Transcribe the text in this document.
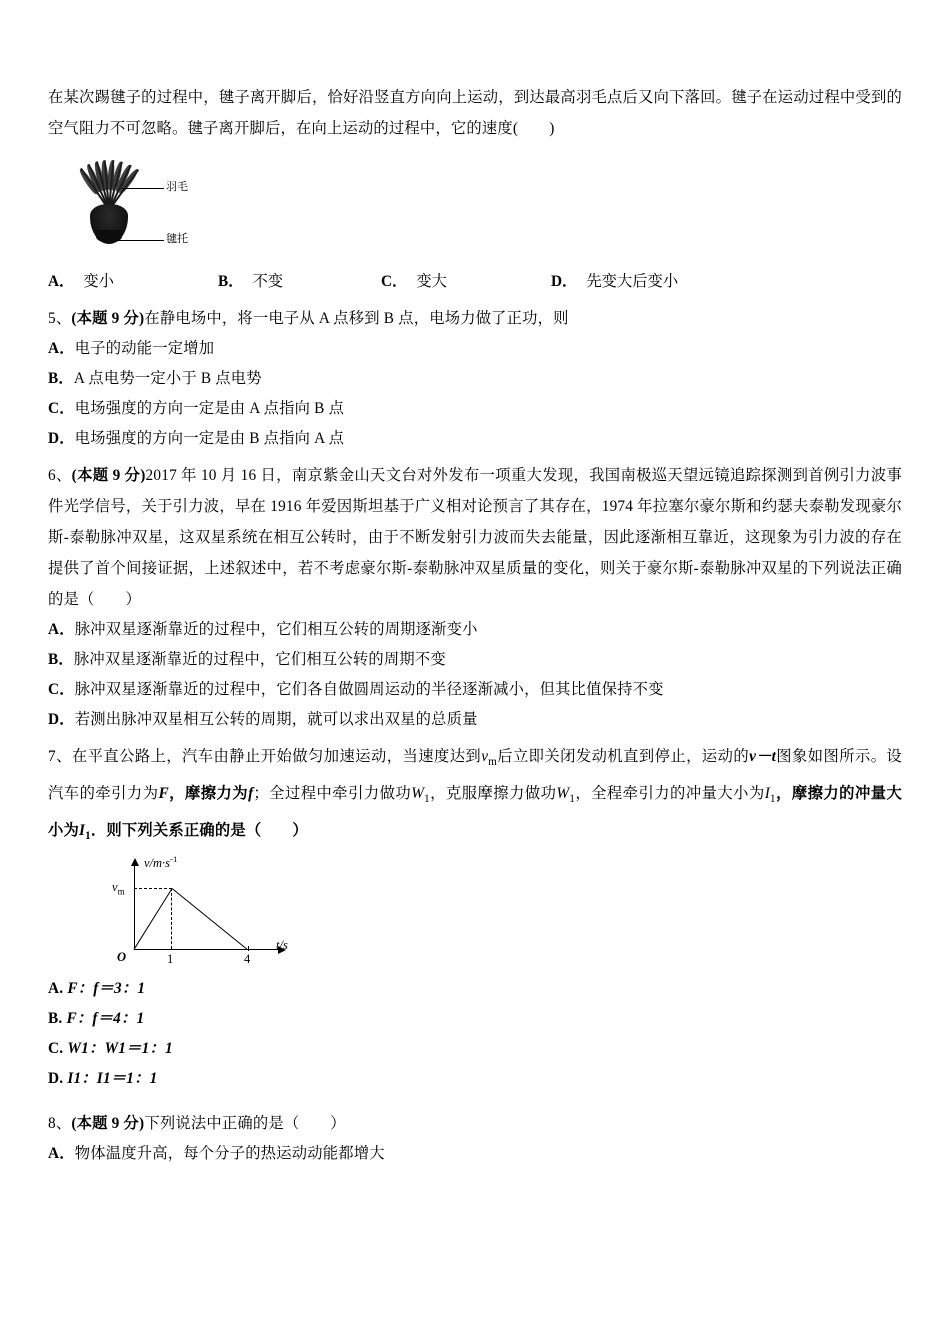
在某次踢毽子的过程中，毽子离开脚后，恰好沿竖直方向向上运动，到达最高羽毛点后又向下落回。毽子在运动过程中受到的空气阻力不可忽略。毽子离开脚后，在向上运动的过程中，它的速度(　　)

羽毛
毽托
A． 变小	B． 不变	C． 变大	D． 先变大后变小

5、(本题 9 分)在静电场中，将一电子从 A 点移到 B 点，电场力做了正功，则

A．电子的动能一定增加

B．A 点电势一定小于 B 点电势

C．电场强度的方向一定是由 A 点指向 B 点

D．电场强度的方向一定是由 B 点指向 A 点

6、(本题 9 分)2017 年 10 月 16 日，南京紫金山天文台对外发布一项重大发现，我国南极巡天望远镜追踪探测到首例引力波事件光学信号，关于引力波，早在 1916 年爱因斯坦基于广义相对论预言了其存在，1974 年拉塞尔豪尔斯和约瑟夫泰勒发现豪尔斯-泰勒脉冲双星，这双星系统在相互公转时，由于不断发射引力波而失去能量，因此逐渐相互靠近，这现象为引力波的存在提供了首个间接证据，上述叙述中，若不考虑豪尔斯-泰勒脉冲双星质量的变化，则关于豪尔斯-泰勒脉冲双星的下列说法正确的是（　　）

A．脉冲双星逐渐靠近的过程中，它们相互公转的周期逐渐变小

B．脉冲双星逐渐靠近的过程中，它们相互公转的周期不变

C．脉冲双星逐渐靠近的过程中，它们各自做圆周运动的半径逐渐减小，但其比值保持不变

D．若测出脉冲双星相互公转的周期，就可以求出双星的总质量

7、在平直公路上，汽车由静止开始做匀加速运动，当速度达到$v_m$后立即关闭发动机直到停止，运动的v－t图象如图所示。设汽车的牵引力为F，摩擦力为f；全过程中牵引力做功$W_1$，克服摩擦力做功$W_1$，全程牵引力的冲量大小为$I_1$，摩擦力的冲量大小为$I_1$．则下列关系正确的是（　　）

$v/m\cdot s^{-1}$
$v_m$
O	1	4
t/s

A. F：f＝3：1

B. F：f＝4：1

C. W1：W1＝1：1

D. I1：I1＝1：1

8、(本题 9 分)下列说法中正确的是（　　）

A．物体温度升高，每个分子的热运动动能都增大
